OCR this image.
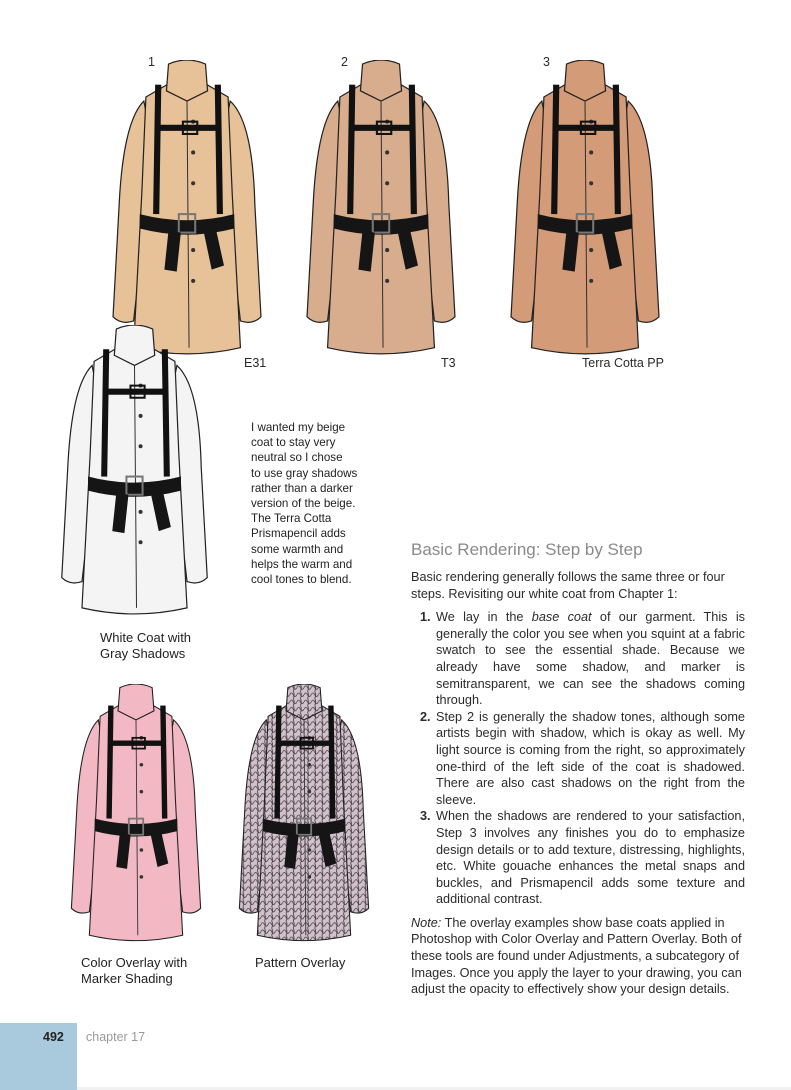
1	2	3
E31	T3	Terra Cotta PP
White Coat with
Gray Shadows
I wanted my beige
coat to stay very
neutral so I chose
to use gray shadows
rather than a darker
version of the beige.
The Terra Cotta
Prismapencil adds
some warmth and
helps the warm and
cool tones to blend.
Color Overlay with
Marker Shading
Pattern Overlay
Basic Rendering: Step by Step

Basic rendering generally follows the same three or four steps. Revisiting our white coat from Chapter 1:

1. We lay in the base coat of our garment. This is generally the color you see when you squint at a fabric swatch to see the essential shade. Because we already have some shadow, and marker is semitransparent, we can see the shadows coming through.
2. Step 2 is generally the shadow tones, although some artists begin with shadow, which is okay as well. My light source is coming from the right, so approximately one-third of the left side of the coat is shadowed. There are also cast shadows on the right from the sleeve.
3. When the shadows are rendered to your satisfaction, Step 3 involves any finishes you do to emphasize design details or to add texture, distressing, highlights, etc. White gouache enhances the metal snaps and buckles, and Prismapencil adds some texture and additional contrast.

Note: The overlay examples show base coats applied in Photoshop with Color Overlay and Pattern Overlay. Both of these tools are found under Adjustments, a subcategory of Images. Once you apply the layer to your drawing, you can adjust the opacity to effectively show your design details.

492 chapter 17
